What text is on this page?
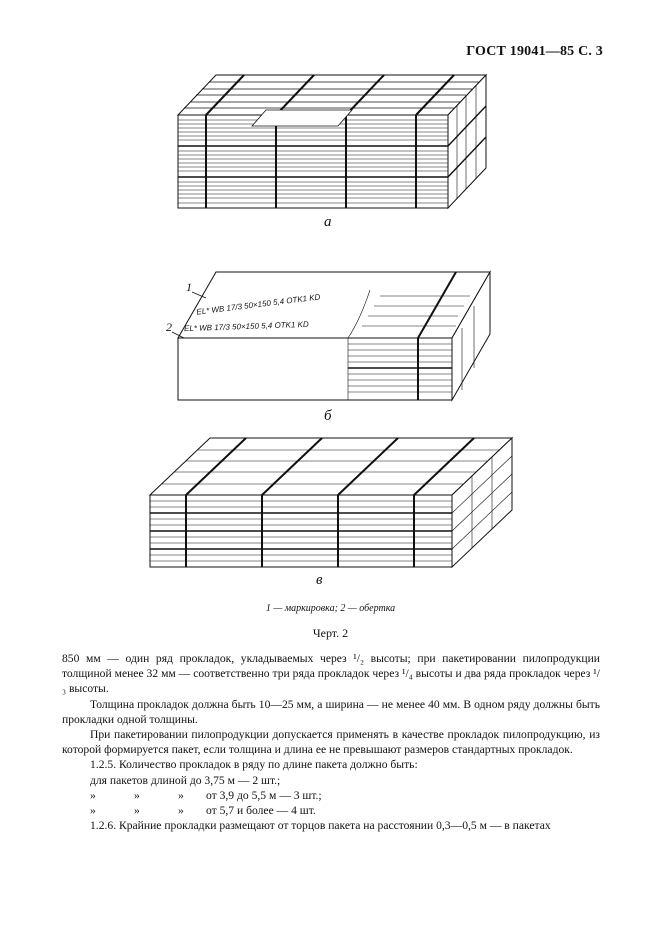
ГОСТ 19041—85 С. 3
а
б
в
1
2
EL* WB 17/3 50×150 5,4 OTK1 KD
EL* WB 17/3 50×150 5,4 OTK1 KD
1 — маркировка; 2 — обертка
Черт. 2

850 мм — один ряд прокладок, укладываемых через ¹/₂ высоты; при пакетировании пилопродукции толщиной менее 32 мм — соответственно три ряда прокладок через ¹/₄ высоты и два ряда прокладок через ¹/₃ высоты.

Толщина прокладок должна быть 10—25 мм, а ширина — не менее 40 мм. В одном ряду должны быть прокладки одной толщины.

При пакетировании пилопродукции допускается применять в качестве прокладок пилопродукцию, из которой формируется пакет, если толщина и длина ее не превышают размеров стандартных прокладок.

1.2.5. Количество прокладок в ряду по длине пакета должно быть:

для пакетов длиной до 3,75 м — 2 шт.;

»	»	»	от 3,9 до 5,5 м — 3 шт.;
»	»	»	от 5,7 и более — 4 шт.

1.2.6. Крайние прокладки размещают от торцов пакета на расстоянии 0,3—0,5 м — в пакетах
